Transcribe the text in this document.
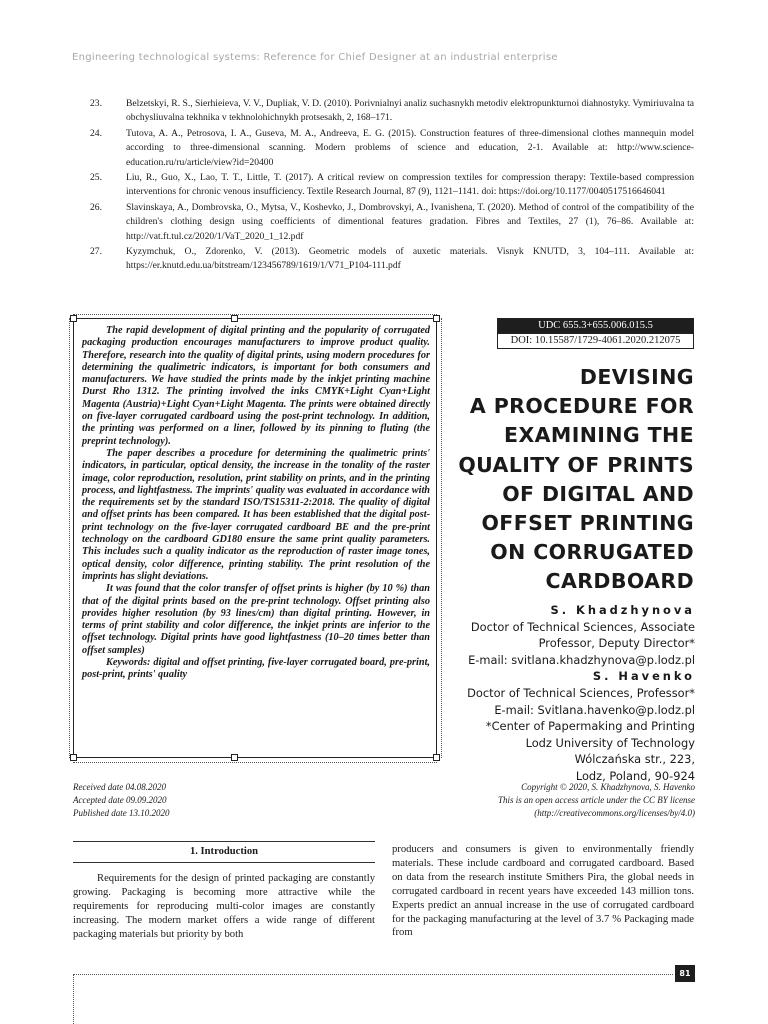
Engineering technological systems: Reference for Chief Designer at an industrial enterprise
23.	Belzetskyi, R. S., Sierhieieva, V. V., Dupliak, V. D. (2010). Porivnialnyi analiz suchasnykh metodiv elektropunkturnoi diahnostyky. Vymiriuvalna ta obchysliuvalna tekhnika v tekhnolohichnykh protsesakh, 2, 168–171.
24.	Tutova, A. A., Petrosova, I. A., Guseva, M. A., Andreeva, E. G. (2015). Construction features of three-dimensional clothes mannequin model according to three-dimensional scanning. Modern problems of science and education, 2-1. Available at: http://www.science-education.ru/ru/article/view?id=20400
25.	Liu, R., Guo, X., Lao, T. T., Little, T. (2017). A critical review on compression textiles for compression therapy: Textile-based compression interventions for chronic venous insufficiency. Textile Research Journal, 87 (9), 1121–1141. doi: https://doi.org/10.1177/0040517516646041
26.	Slavinskaya, A., Dombrovska, O., Mytsa, V., Koshevko, J., Dombrovskyi, A., Ivanishena, T. (2020). Method of control of the compatibility of the children's clothing design using coefficients of dimentional features gradation. Fibres and Textiles, 27 (1), 76–86. Available at: http://vat.ft.tul.cz/2020/1/VaT_2020_1_12.pdf
27.	Kyzymchuk, O., Zdorenko, V. (2013). Geometric models of auxetic materials. Visnyk KNUTD, 3, 104–111. Available at: https://er.knutd.edu.ua/bitstream/123456789/1619/1/V71_P104-111.pdf

The rapid development of digital printing and the popularity of corrugated packaging production encourages manufacturers to improve product quality. Therefore, research into the quality of digital prints, using modern procedures for determining the qualimetric indicators, is important for both consumers and manufacturers. We have studied the prints made by the inkjet printing machine Durst Rho 1312. The printing involved the inks CMYK+Light Cyan+Light Magenta (Austria)+Light Cyan+Light Magenta. The prints were obtained directly on five-layer corrugated cardboard using the post-print technology. In addition, the printing was performed on a liner, followed by its pinning to fluting (the preprint technology).

The paper describes a procedure for determining the qualimetric prints' indicators, in particular, optical density, the increase in the tonality of the raster image, color reproduction, resolution, print stability on prints, and in the printing process, and lightfastness. The imprints' quality was evaluated in accordance with the requirements set by the standard ISO/TS15311-2:2018. The quality of digital and offset prints has been compared. It has been established that the digital post-print technology on the five-layer corrugated cardboard BE and the pre-print technology on the cardboard GD180 ensure the same print quality parameters. This includes such a quality indicator as the reproduction of raster image tones, optical density, color difference, printing stability. The print resolution of the imprints has slight deviations.

It was found that the color transfer of offset prints is higher (by 10 %) than that of the digital prints based on the pre-print technology. Offset printing also provides higher resolution (by 93 lines/cm) than digital printing. However, in terms of print stability and color difference, the inkjet prints are inferior to the offset technology. Digital prints have good lightfastness (10–20 times better than offset samples)

Keywords: digital and offset printing, five-layer corrugated board, pre-print, post-print, prints' quality

UDC 655.3+655.006.015.5
DOI: 10.15587/1729-4061.2020.212075
DEVISING
A PROCEDURE FOR
EXAMINING THE
QUALITY OF PRINTS
OF DIGITAL AND
OFFSET PRINTING
ON CORRUGATED
CARDBOARD
S. Khadzhynova
Doctor of Technical Sciences, Associate
Professor, Deputy Director*
E-mail: svitlana.khadzhynova@p.lodz.pl
S. Havenko
Doctor of Technical Sciences, Professor*
E-mail: Svitlana.havenko@p.lodz.pl
*Center of Papermaking and Printing
Lodz University of Technology
Wólczańska str., 223,
Lodz, Poland, 90-924
Received date 04.08.2020
Accepted date 09.09.2020
Published date 13.10.2020
Copyright © 2020, S. Khadzhynova, S. Havenko
This is an open access article under the CC BY license
(http://creativecommons.org/licenses/by/4.0)
1. Introduction

Requirements for the design of printed packaging are constantly growing. Packaging is becoming more attractive while the requirements for reproducing multi-color images are constantly increasing. The modern market offers a wide range of different packaging materials but priority by both

producers and consumers is given to environmentally friendly materials. These include cardboard and corrugated cardboard. Based on data from the research institute Smithers Pira, the global needs in corrugated cardboard in recent years have exceeded 143 million tons. Experts predict an annual increase in the use of corrugated cardboard for the packaging manufacturing at the level of 3.7 % Packaging made from

81
